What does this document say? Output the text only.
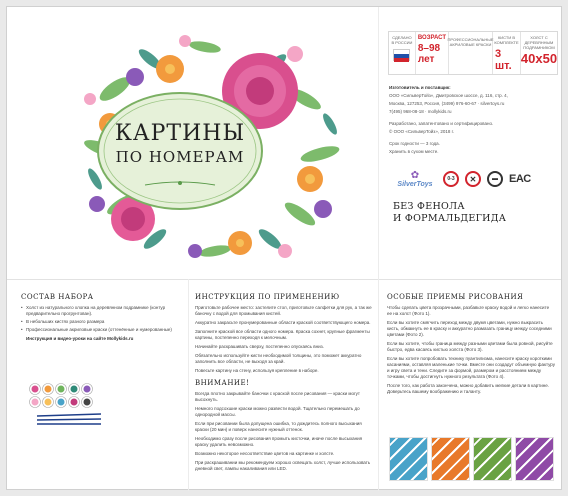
КАРТИНЫ
ПО НОМЕРАМ
СДЕЛАНО В РОССИИ
ВОЗРАСТ
8–98 лет
ПРОФЕССИОНАЛЬНЫЕ АКРИЛОВЫЕ КРАСКИ
КИСТИ В КОМПЛЕКТЕ
3 шт.
ХОЛСТ С ДЕРЕВЯННЫМ ПОДРАМНИКОМ
40x50

Изготовитель и поставщик:

ООО «СильверТойз», Дмитровское шоссе, д. 116, стр. 4,

Москва, 127253, Россия, (3499) 976-60-67 · silvertoys.ru

7(495) 968-08-18 · mollykids.ru

Разработано, запатентовано и сертифицировано.

© ООО «СильверТойз», 2018 г.

Срок годности — 3 года.

Хранить в сухом месте.

✿
SilverToys
0-3	✕	▬	EAC
БЕЗ ФЕНОЛА
И ФОРМАЛЬДЕГИДА
СОСТАВ НАБОРА
• Холст из натурального хлопка на деревянном подрамнике (контур предварительно прогрунтован).
• В небольших кистях разного размера
• Профессиональные акриловые краски (оттенённые и нумерованные)

Инструкция и видео-уроки на сайте Mollykids.ru

ИНСТРУКЦИЯ ПО ПРИМЕНЕНИЮ

Приготовьте рабочее место: застелите стол, приготовьте салфетки для рук, а так же баночку с водой для промывания кистей.

Аккуратно закрасьте пронумерованные области краской соответствующего номера.

Заполните краской все области одного номера. Краска сохнет, крупные фрагменты картины, постепенно переходя к мелочным.

Начинайте раскрашивать сверху, постепенно опускаясь вниз.

Обязательно используйте кисти необходимой толщины, это поможет аккуратно заполнить все области, не выходя за край.

Повесьте картину на стену, используя крепление в наборе.

ВНИМАНИЕ!

Всегда плотно закрывайте баночки с краской после рисования — краски могут высохнуть.

Немного подсохшие краски можно развести водой. Тщательно перемешать до однородной массы.

Если при рисовании была допущена ошибка, то дождитесь полного высыхания краски (20 мин) и поверх нанесите нужный оттенок.

Необходимо сразу после рисования промыть кисточки, иначе после высыхания краску удалить невозможно.

Возможно некоторое несоответствие цветов на картинке и холсте.

При раскрашивании мы рекомендуем хорошо освещать холст, лучше использовать дневной свет, лампы накаливания или LED.

ОСОБЫЕ ПРИЕМЫ РИСОВАНИЯ

Чтобы сделать цвета прозрачными, разбавьте краску водой и легко нанесите ее на холст (Фото 1).

Если вы хотите смягчить переход между двумя цветами, нужно выкрасить кисть, обмакнуть ее в краску и аккуратно размазать границу между соседними цветами (Фото 2).

Если вы хотите, чтобы граница между разными цветами была ровной, рисуйте быстро, едва касаясь кистью холста (Фото 3).

Если вы хотите попробовать технику пуантилизма, нанесите краску короткими касаниями, оставляя маленькие точки. Вместе они создадут объемную фактуру и игру света и тени. Следите за формой, размером и расстоянием между точками, чтобы достигнуть нужного результата (Фото 4).

После того, как работа закончена, можно добавить мелкие детали в картине. Доверьтесь вашему воображению и таланту.
